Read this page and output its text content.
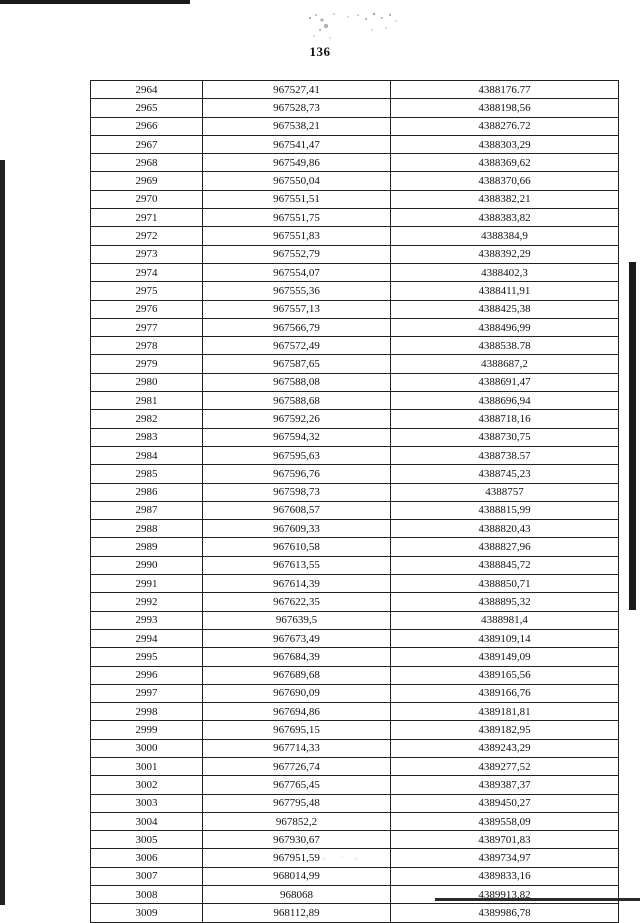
136
2964	967527,41	4388176.77
2965	967528,73	4388198,56
2966	967538,21	4388276.72
2967	967541,47	4388303,29
2968	967549,86	4388369,62
2969	967550,04	4388370,66
2970	967551,51	4388382,21
2971	967551,75	4388383,82
2972	967551,83	4388384,9
2973	967552,79	4388392,29
2974	967554,07	4388402,3
2975	967555,36	4388411,91
2976	967557,13	4388425,38
2977	967566,79	4388496,99
2978	967572,49	4388538.78
2979	967587,65	4388687,2
2980	967588,08	4388691,47
2981	967588,68	4388696,94
2982	967592,26	4388718,16
2983	967594,32	4388730,75
2984	967595,63	4388738.57
2985	967596,76	4388745,23
2986	967598,73	4388757
2987	967608,57	4388815,99
2988	967609,33	4388820,43
2989	967610,58	4388827,96
2990	967613,55	4388845,72
2991	967614,39	4388850,71
2992	967622,35	4388895,32
2993	967639,5	4388981,4
2994	967673,49	4389109,14
2995	967684,39	4389149,09
2996	967689,68	4389165,56
2997	967690,09	4389166,76
2998	967694,86	4389181,81
2999	967695,15	4389182,95
3000	967714,33	4389243,29
3001	967726,74	4389277,52
3002	967765,45	4389387,37
3003	967795,48	4389450,27
3004	967852,2	4389558,09
3005	967930,67	4389701,83
3006	967951,59	4389734,97
3007	968014,99	4389833,16
3008	968068	4389913,82
3009	968112,89	4389986,78
